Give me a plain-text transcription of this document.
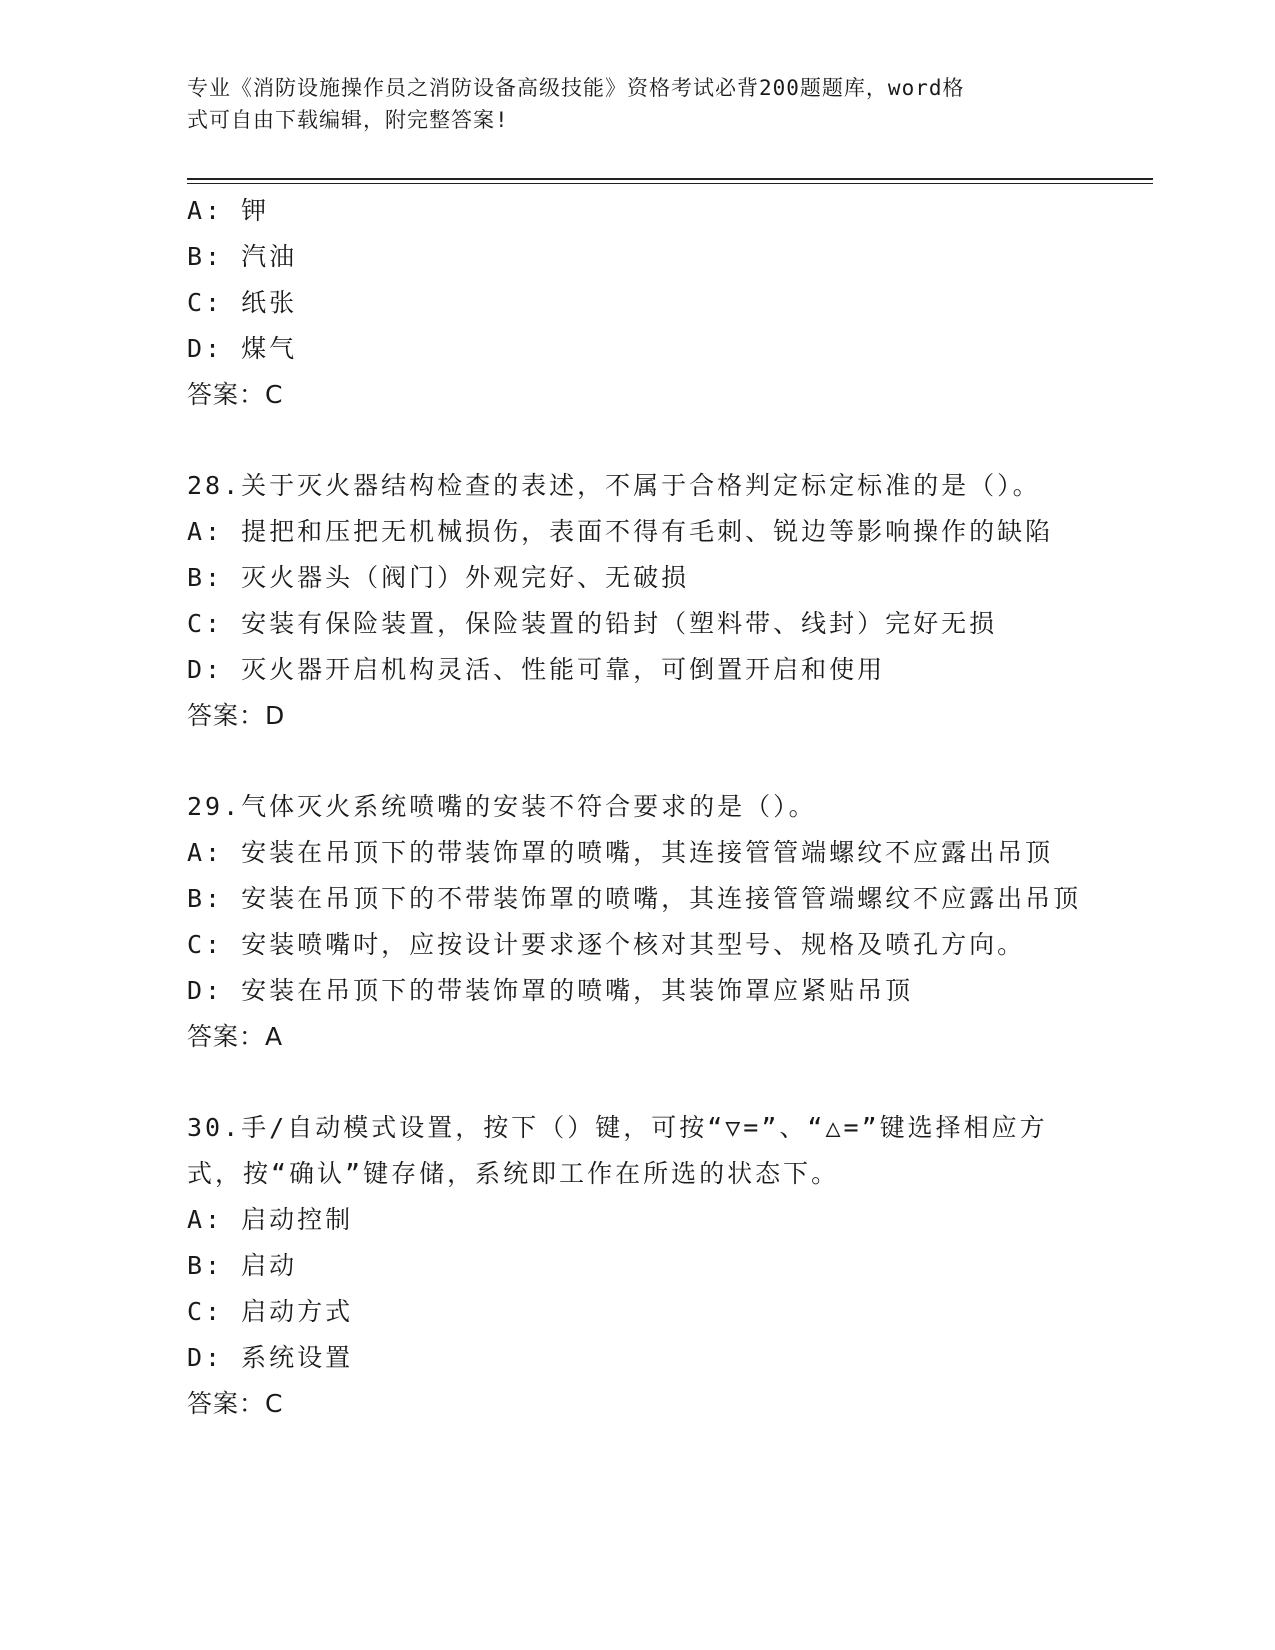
专业《消防设施操作员之消防设备高级技能》资格考试必背200题题库，word格
式可自由下载编辑，附完整答案!
A: 钾
B: 汽油
C: 纸张
D: 煤气
答案：C
28.关于灭火器结构检查的表述，不属于合格判定标定标准的是（）。
A: 提把和压把无机械损伤，表面不得有毛刺、锐边等影响操作的缺陷
B: 灭火器头（阀门）外观完好、无破损
C: 安装有保险装置，保险装置的铅封（塑料带、线封）完好无损
D: 灭火器开启机构灵活、性能可靠，可倒置开启和使用
答案：D
29.气体灭火系统喷嘴的安装不符合要求的是（）。
A: 安装在吊顶下的带装饰罩的喷嘴，其连接管管端螺纹不应露出吊顶
B: 安装在吊顶下的不带装饰罩的喷嘴，其连接管管端螺纹不应露出吊顶
C: 安装喷嘴吋，应按设计要求逐个核对其型号、规格及喷孔方向。
D: 安装在吊顶下的带装饰罩的喷嘴，其装饰罩应紧贴吊顶
答案：A
30.手/自动模式设置，按下（）键，可按“▽=”、“△=”键选择相应方式，按“确认”键存储，系统即工作在所选的状态下。
A: 启动控制
B: 启动
C: 启动方式
D: 系统设置
答案：C
